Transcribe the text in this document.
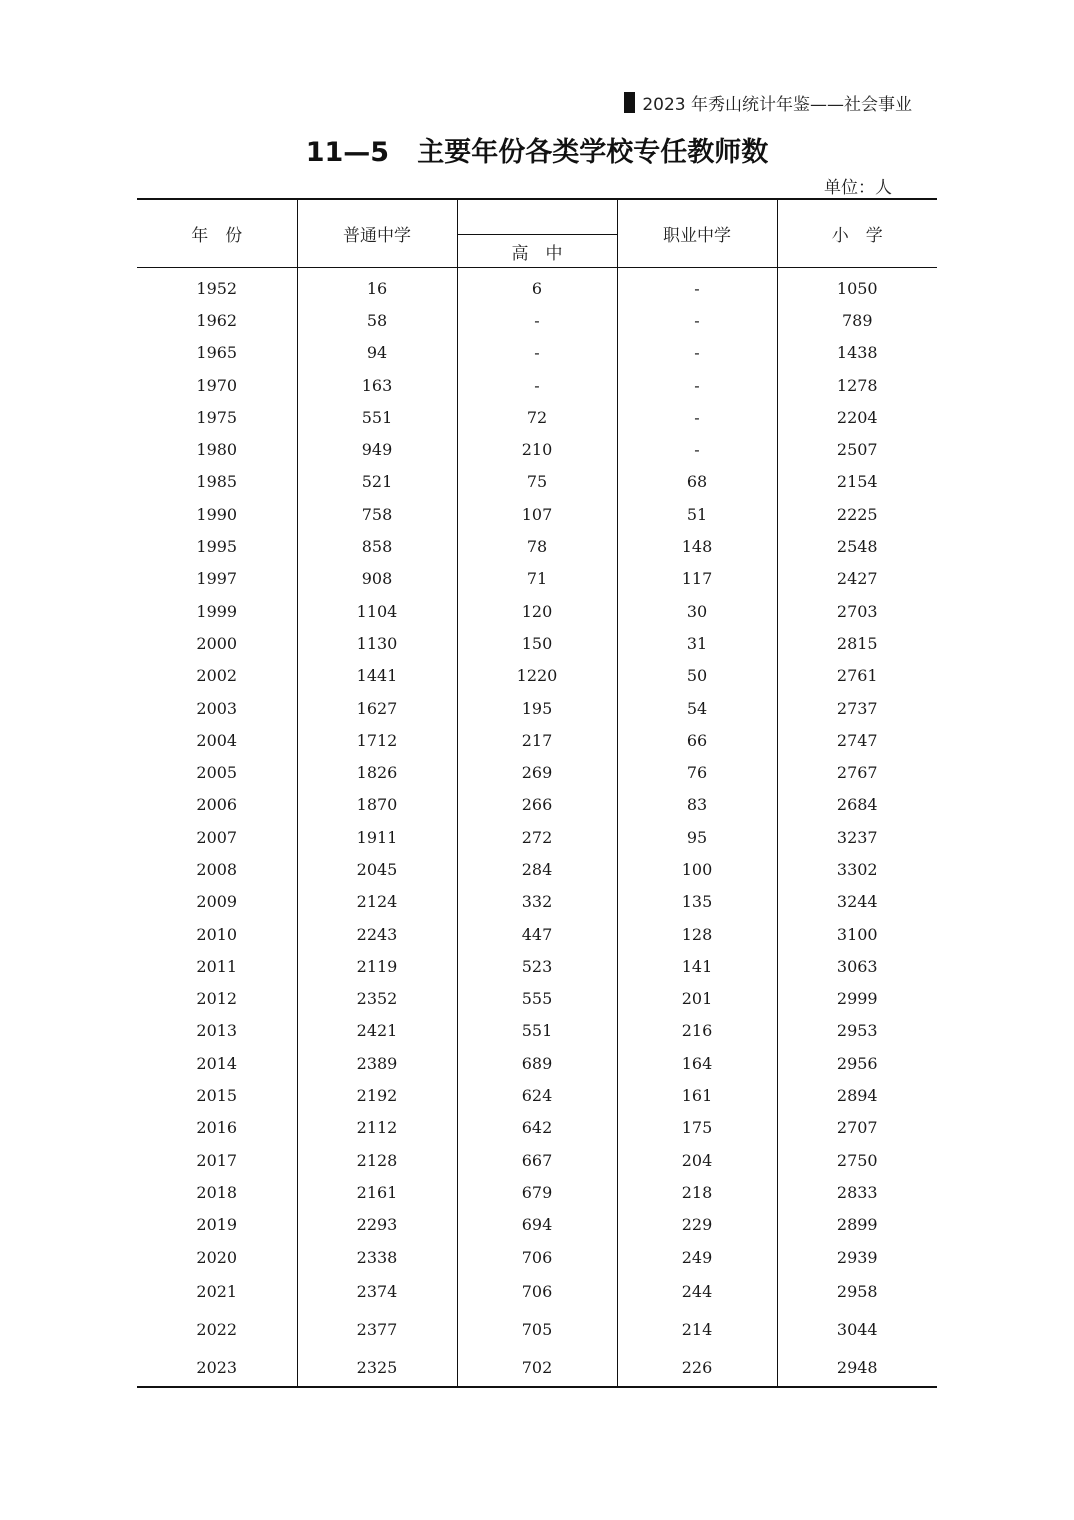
2023 年秀山统计年鉴——社会事业
11—5   主要年份各类学校专任教师数
单位：人
年　份	普通中学		职业中学	小　学
		高　中		
1952	16	6	-	1050
1962	58	-	-	789
1965	94	-	-	1438
1970	163	-	-	1278
1975	551	72	-	2204
1980	949	210	-	2507
1985	521	75	68	2154
1990	758	107	51	2225
1995	858	78	148	2548
1997	908	71	117	2427
1999	1104	120	30	2703
2000	1130	150	31	2815
2002	1441	1220	50	2761
2003	1627	195	54	2737
2004	1712	217	66	2747
2005	1826	269	76	2767
2006	1870	266	83	2684
2007	1911	272	95	3237
2008	2045	284	100	3302
2009	2124	332	135	3244
2010	2243	447	128	3100
2011	2119	523	141	3063
2012	2352	555	201	2999
2013	2421	551	216	2953
2014	2389	689	164	2956
2015	2192	624	161	2894
2016	2112	642	175	2707
2017	2128	667	204	2750
2018	2161	679	218	2833
2019	2293	694	229	2899
2020	2338	706	249	2939
2021	2374	706	244	2958
2022	2377	705	214	3044
2023	2325	702	226	2948
